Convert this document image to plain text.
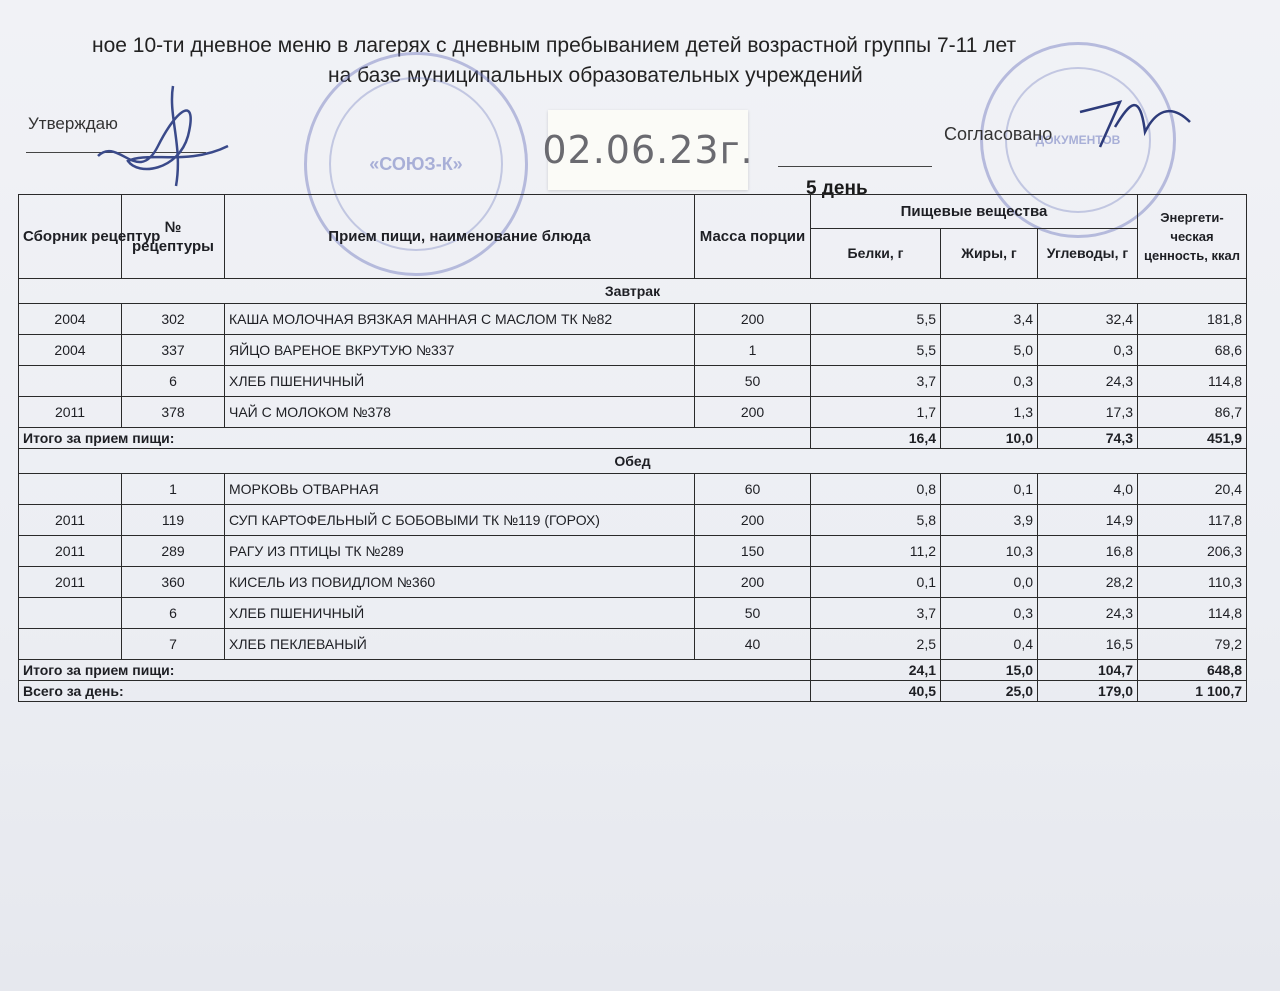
ное 10-ти дневное меню в лагерях с дневным пребыванием детей возрастной группы 7-11 лет
на базе муниципальных образовательных учреждений
Утверждаю
«СОЮЗ-К» 02.06.23г.	ДОКУМЕНТОВ
Согласовано
5 день
Сборник рецептур	№ рецептуры	Прием пищи, наименование блюда	Масса порции	Пищевые вещества			Энергети-ческая ценность, ккал
				Белки, г	Жиры, г	Углеводы, г	
Завтрак							
2004	302	КАША МОЛОЧНАЯ ВЯЗКАЯ МАННАЯ С МАСЛОМ ТК №82	200	5,5	3,4	32,4	181,8
2004	337	ЯЙЦО ВАРЕНОЕ ВКРУТУЮ №337	1	5,5	5,0	0,3	68,6
	6	ХЛЕБ ПШЕНИЧНЫЙ	50	3,7	0,3	24,3	114,8
2011	378	ЧАЙ С МОЛОКОМ №378	200	1,7	1,3	17,3	86,7
Итого за прием пищи:				16,4	10,0	74,3	451,9
Обед							
	1	МОРКОВЬ ОТВАРНАЯ	60	0,8	0,1	4,0	20,4
2011	119	СУП КАРТОФЕЛЬНЫЙ С БОБОВЫМИ ТК №119 (ГОРОХ)	200	5,8	3,9	14,9	117,8
2011	289	РАГУ ИЗ ПТИЦЫ ТК №289	150	11,2	10,3	16,8	206,3
2011	360	КИСЕЛЬ ИЗ ПОВИДЛОМ №360	200	0,1	0,0	28,2	110,3
	6	ХЛЕБ ПШЕНИЧНЫЙ	50	3,7	0,3	24,3	114,8
	7	ХЛЕБ ПЕКЛЕВАНЫЙ	40	2,5	0,4	16,5	79,2
Итого за прием пищи:				24,1	15,0	104,7	648,8
Всего за день:				40,5	25,0	179,0	1 100,7
